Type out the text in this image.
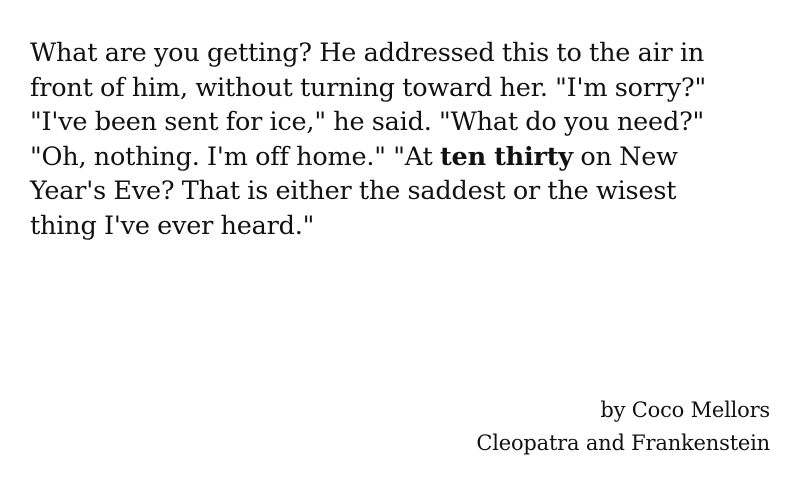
What are you getting? He addressed this to the air in
front of him, without turning toward her. "I'm sorry?"
"I've been sent for ice," he said. "What do you need?"
"Oh, nothing. I'm off home." "At ten thirty on New
Year's Eve? That is either the saddest or the wisest
thing I've ever heard."
by Coco Mellors
Cleopatra and Frankenstein
